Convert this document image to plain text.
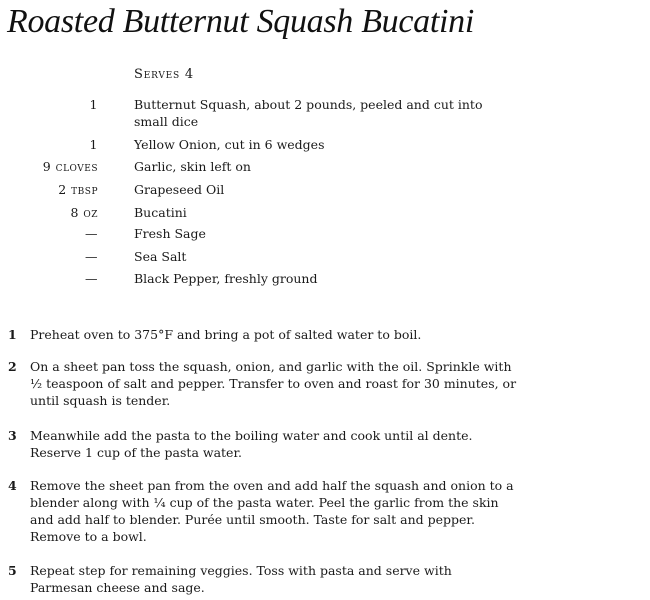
Roasted Butternut Squash Bucatini
Serves 4
1	Butternut Squash, about 2 pounds, peeled and cut into small dice
1	Yellow Onion, cut in 6 wedges
9 cloves	Garlic, skin left on
2 tbsp	Grapeseed Oil
8 oz	Bucatini
—	Fresh Sage
—	Sea Salt
—	Black Pepper, freshly ground
1 Preheat oven to 375°F and bring a pot of salted water to boil.
2 On a sheet pan toss the squash, onion, and garlic with the oil. Sprinkle with ½ teaspoon of salt and pepper. Transfer to oven and roast for 30 minutes, or until squash is tender.
3 Meanwhile add the pasta to the boiling water and cook until al dente. Reserve 1 cup of the pasta water.
4 Remove the sheet pan from the oven and add half the squash and onion to a blender along with ¼ cup of the pasta water. Peel the garlic from the skin and add half to blender. Purée until smooth. Taste for salt and pepper. Remove to a bowl.
5 Repeat step for remaining veggies. Toss with pasta and serve with Parmesan cheese and sage.
